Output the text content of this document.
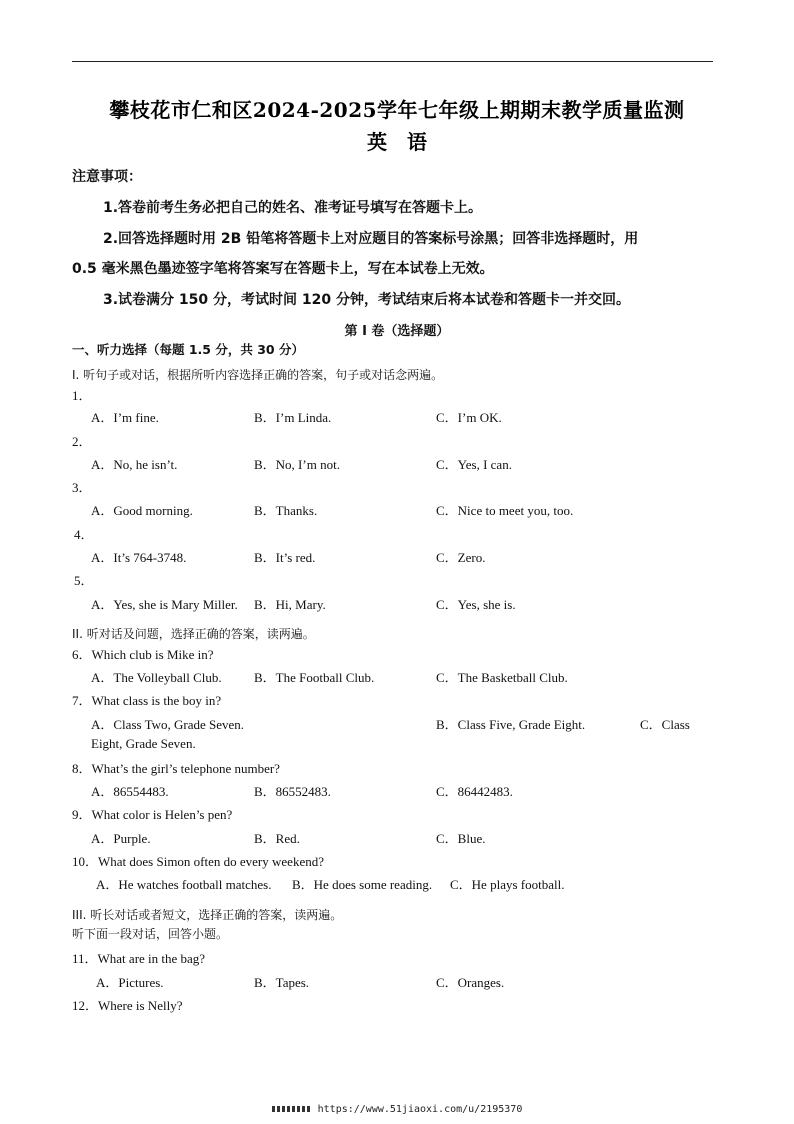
攀枝花市仁和区2024-2025学年七年级上期期末教学质量监测
英　语
注意事项：
1.答卷前考生务必把自己的姓名、准考证号填写在答题卡上。
2.回答选择题时用 2B 铅笔将答题卡上对应题目的答案标号涂黑；回答非选择题时，用
0.5 毫米黑色墨迹签字笔将答案写在答题卡上，写在本试卷上无效。
3.试卷满分 150 分，考试时间 120 分钟，考试结束后将本试卷和答题卡一并交回。
第 I 卷（选择题）
一、听力选择（每题 1.5 分，共 30 分）
I. 听句子或对话，根据所听内容选择正确的答案，句子或对话念两遍。
1．
A．I’m fine.	B．I’m Linda.	C．I’m OK.
2．
A．No, he isn’t.	B．No, I’m not.	C．Yes, I can.
3．
A．Good morning.	B．Thanks.	C．Nice to meet you, too.
4．
A．It’s 764-3748.	B．It’s red.	C．Zero.
5．
A．Yes, she is Mary Miller. B．Hi, Mary.	C．Yes, she is.
II. 听对话及问题，选择正确的答案，读两遍。
6．Which club is Mike in?
A．The Volleyball Club. B．The Football Club.	C．The Basketball Club.
7．What class is the boy in?
A．Class Two, Grade Seven.	B．Class Five, Grade Eight.	C．Class
Eight, Grade Seven.
8．What’s the girl’s telephone number?
A．86554483.	B．86552483.	C．86442483.
9．What color is Helen’s pen?
A．Purple.	B．Red.	C．Blue.
10．What does Simon often do every weekend?
A．He watches football matches. B．He does some reading. C．He plays football.
III. 听长对话或者短文，选择正确的答案，读两遍。
听下面一段对话，回答小题。
11．What are in the bag?
A．Pictures.	B．Tapes.	C．Oranges.
12．Where is Nelly?
https://www.51jiaoxi.com/u/2195370
